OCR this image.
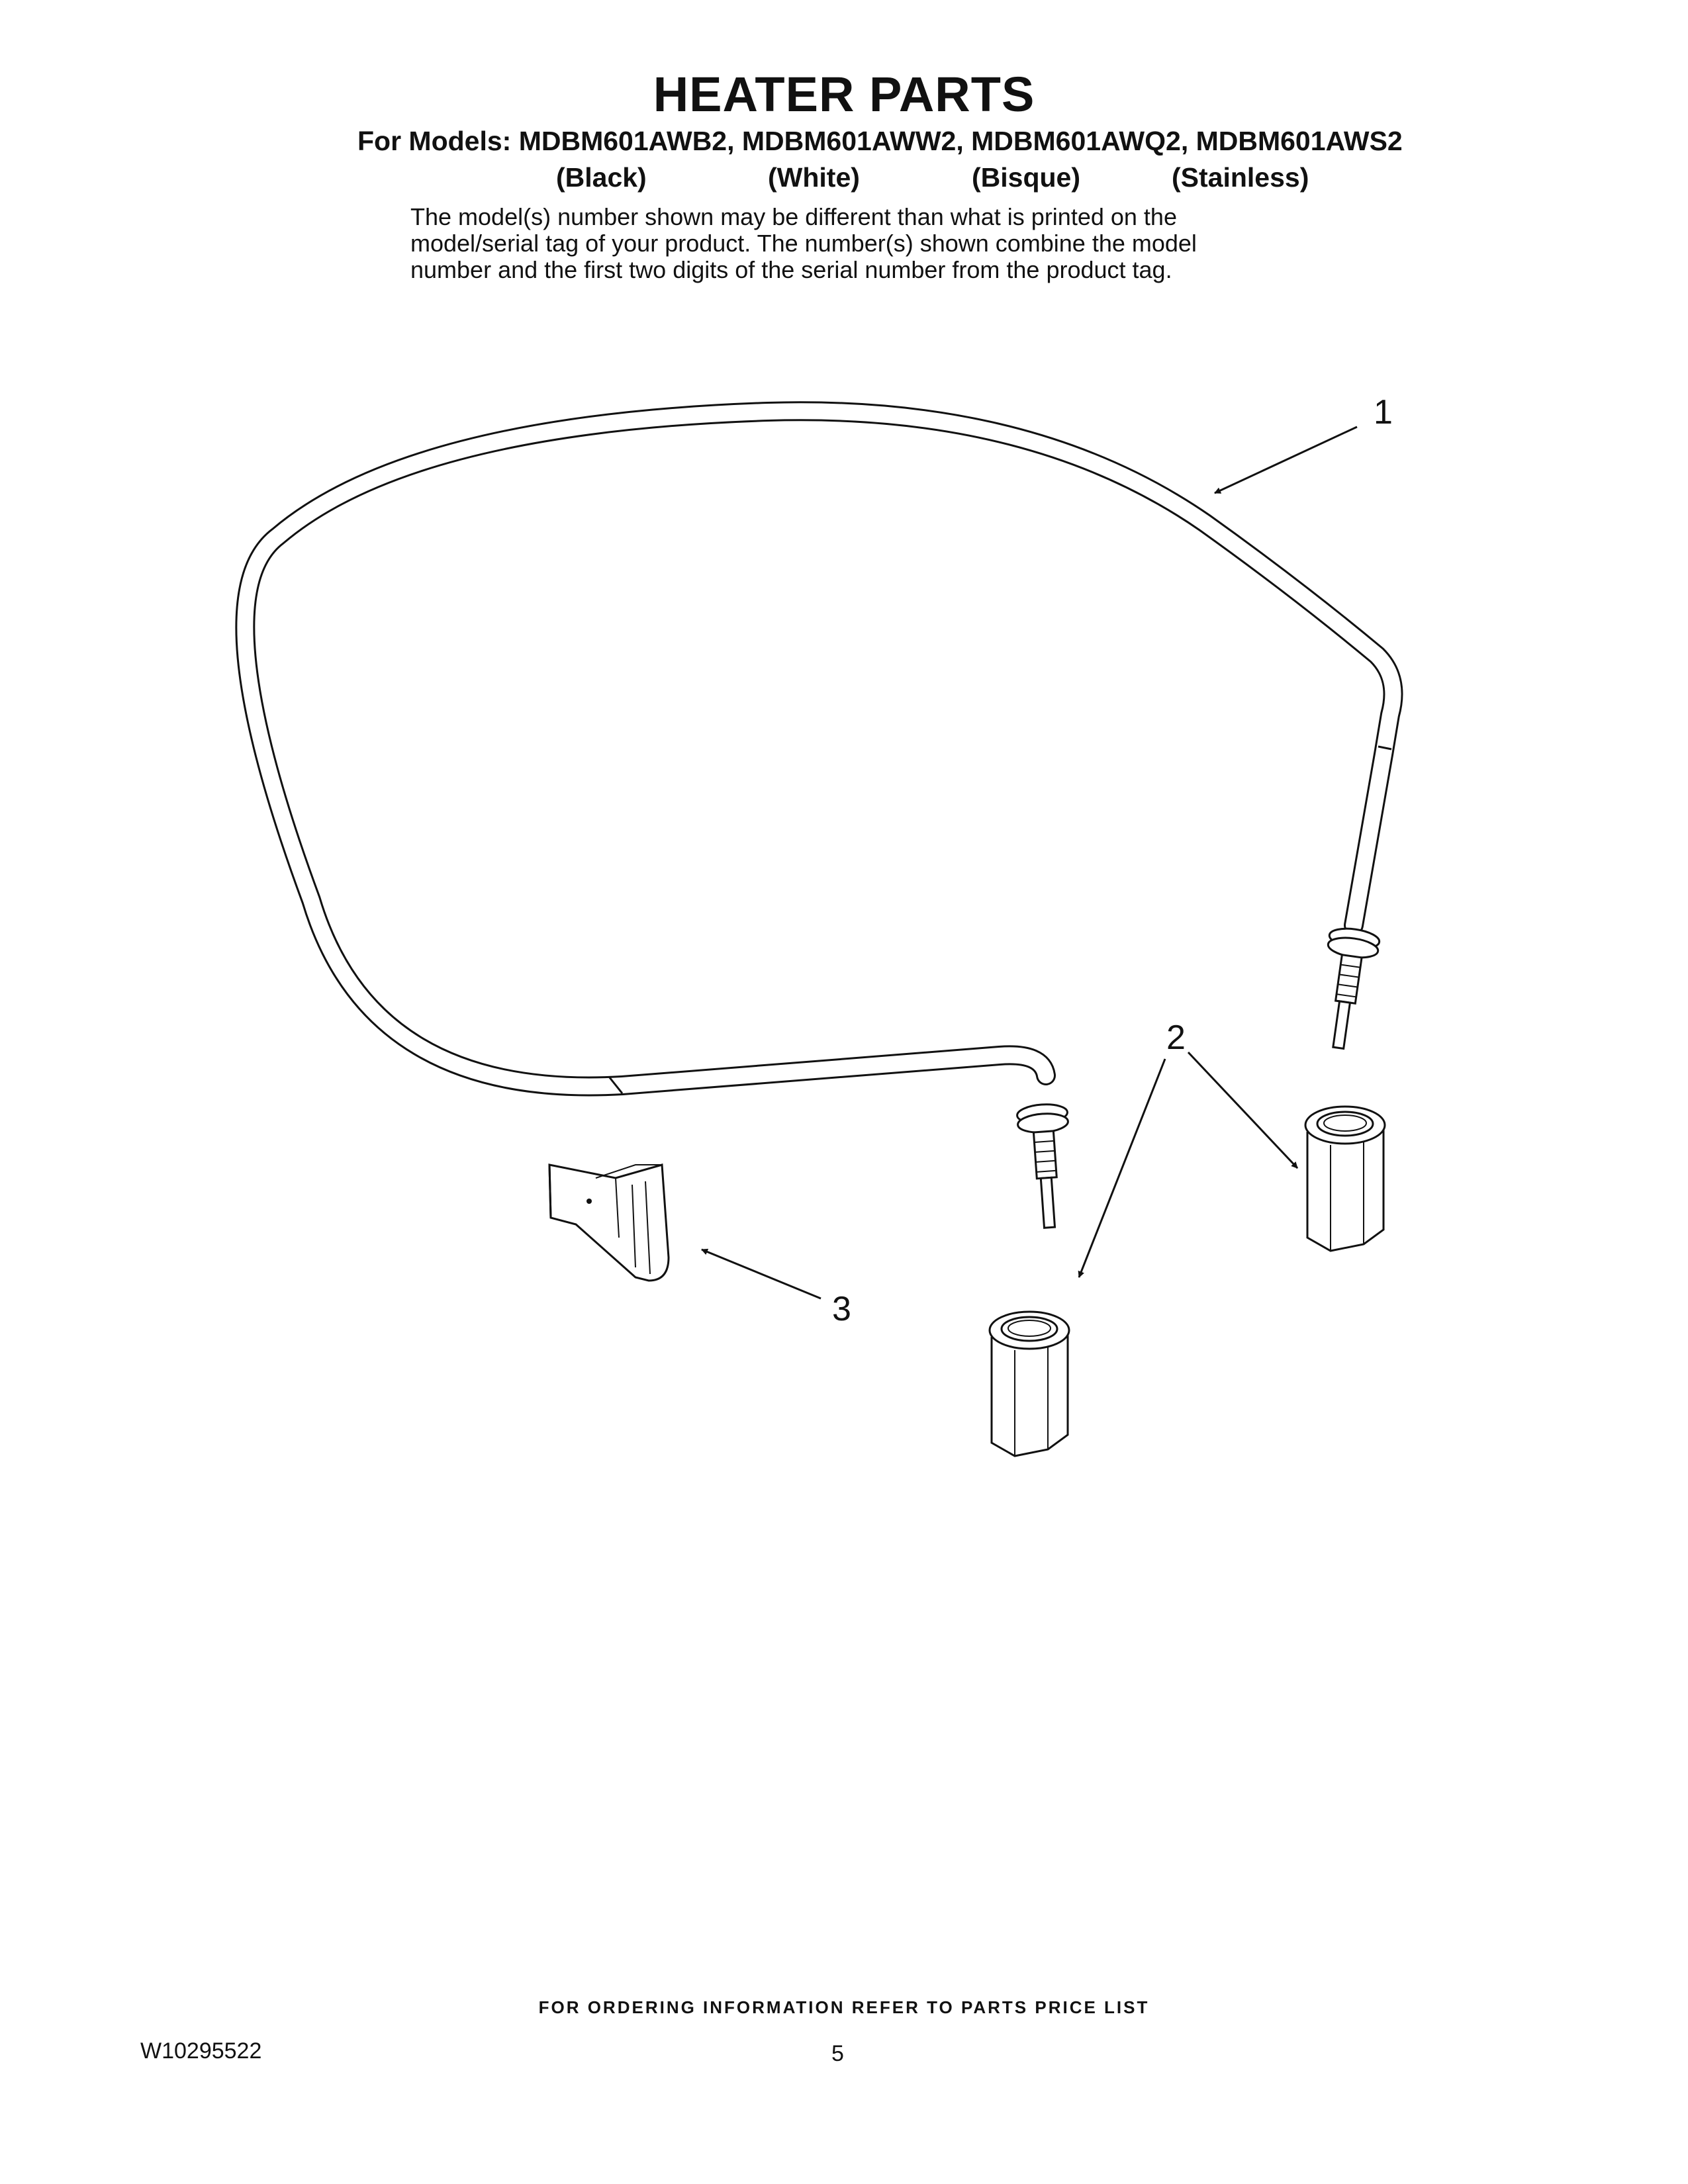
HEATER PARTS
For Models: MDBM601AWB2, MDBM601AWW2, MDBM601AWQ2, MDBM601AWS2
(Black)	(White)	(Bisque)	(Stainless)
The model(s) number shown may be different than what is printed on the
model/serial tag of your product. The number(s) shown combine the model
number and the first two digits of the serial number from the product tag.
1
2
3
FOR ORDERING INFORMATION REFER TO PARTS PRICE LIST
W10295522	5
